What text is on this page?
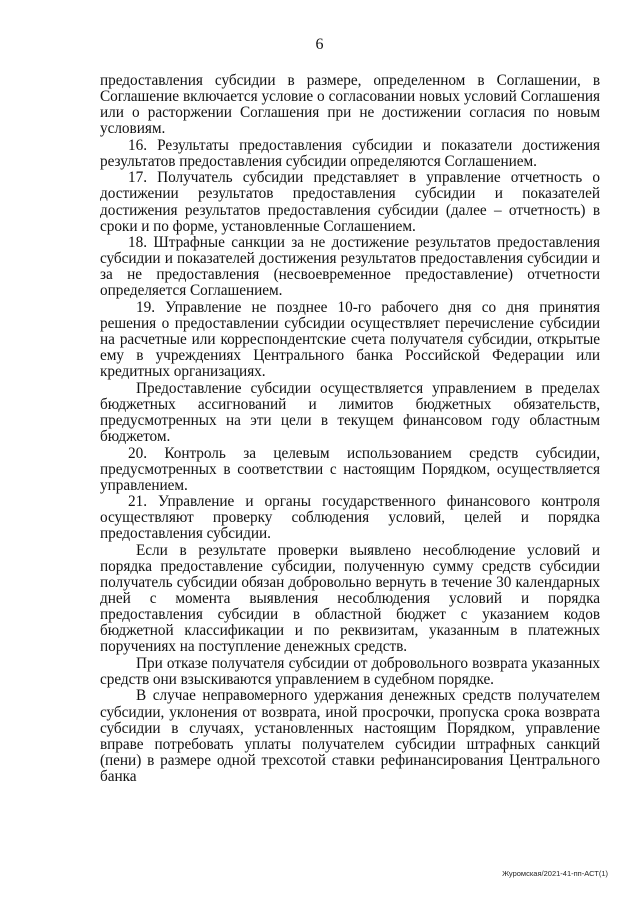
6

предоставления субсидии в размере, определенном в Соглашении, в Соглашение включается условие о согласовании новых условий Соглашения или о расторжении Соглашения при не достижении согласия по новым условиям.

16. Результаты предоставления субсидии и показатели достижения результатов предоставления субсидии определяются Соглашением.

17. Получатель субсидии представляет в управление отчетность о достижении результатов предоставления субсидии и показателей достижения результатов предоставления субсидии (далее – отчетность) в сроки и по форме, установленные Соглашением.

18. Штрафные санкции за не достижение результатов предоставления субсидии и показателей достижения результатов предоставления субсидии и за не предоставления (несвоевременное предоставление) отчетности определяется Соглашением.

19. Управление не позднее 10-го рабочего дня со дня принятия решения о предоставлении субсидии осуществляет перечисление субсидии на расчетные или корреспондентские счета получателя субсидии, открытые ему в учреждениях Центрального банка Российской Федерации или кредитных организациях.

Предоставление субсидии осуществляется управлением в пределах бюджетных ассигнований и лимитов бюджетных обязательств, предусмотренных на эти цели в текущем финансовом году областным бюджетом.

20. Контроль за целевым использованием средств субсидии, предусмотренных в соответствии с настоящим Порядком, осуществляется управлением.

21. Управление и органы государственного финансового контроля осуществляют проверку соблюдения условий, целей и порядка предоставления субсидии.

Если в результате проверки выявлено несоблюдение условий и порядка предоставление субсидии, полученную сумму средств субсидии получатель субсидии обязан добровольно вернуть в течение 30 календарных дней с момента выявления несоблюдения условий и порядка предоставления субсидии в областной бюджет с указанием кодов бюджетной классификации и по реквизитам, указанным в платежных поручениях на поступление денежных средств.

При отказе получателя субсидии от добровольного возврата указанных средств они взыскиваются управлением в судебном порядке.

В случае неправомерного удержания денежных средств получателем субсидии, уклонения от возврата, иной просрочки, пропуска срока возврата субсидии в случаях, установленных настоящим Порядком, управление вправе потребовать уплаты получателем субсидии штрафных санкций (пени) в размере одной трехсотой ставки рефинансирования Центрального банка

Журомская/2021-41-пп-АСТ(1)
